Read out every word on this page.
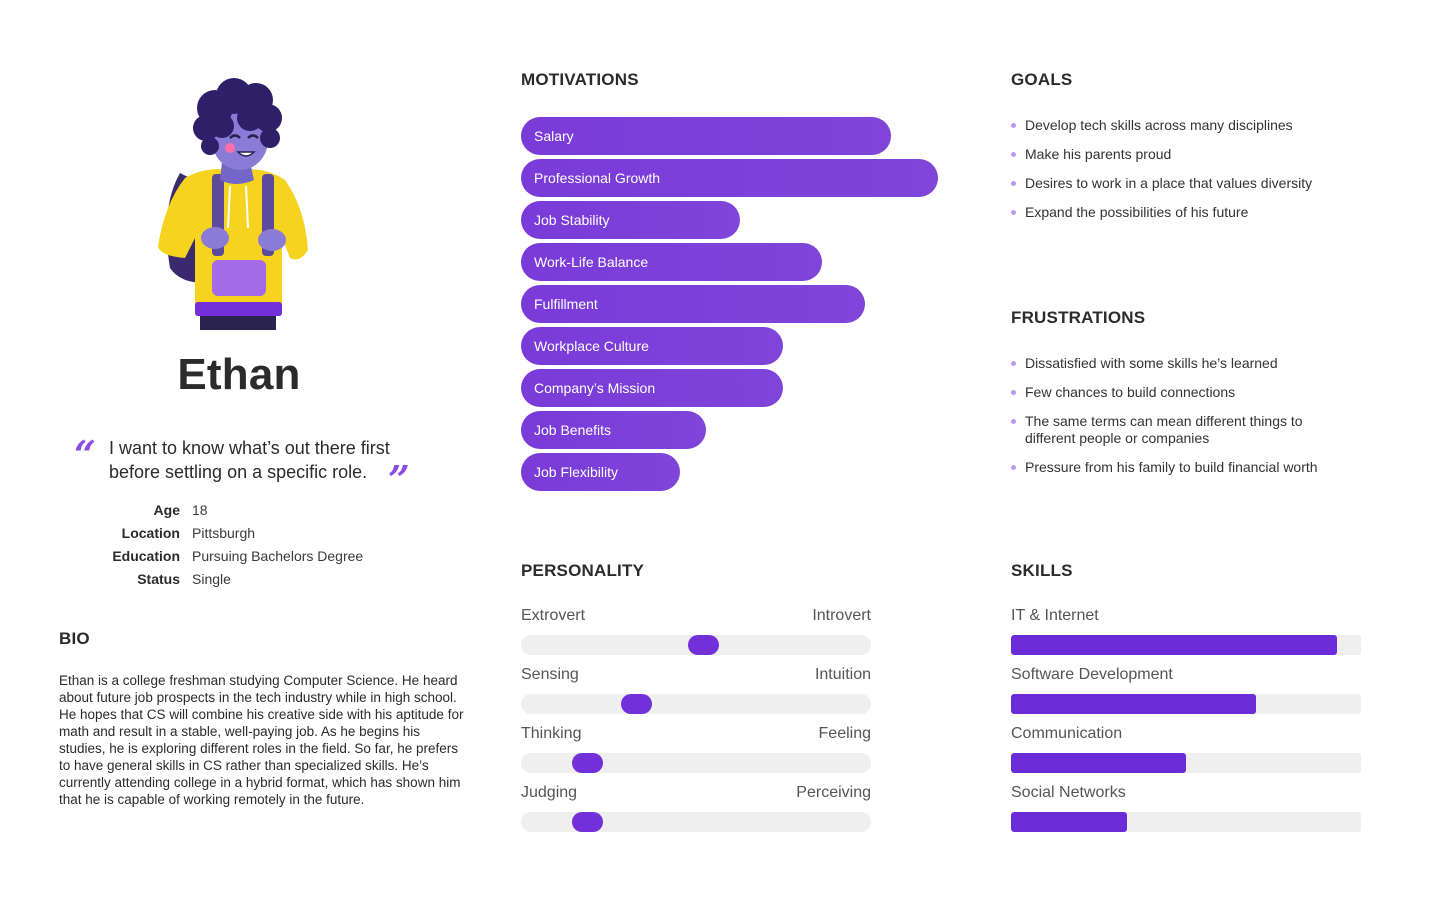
Ethan
“ I want to know what’s out there first before settling on a specific role. ”
Age 18
Location Pittsburgh
Education Pursuing Bachelors Degree
Status Single
BIO
Ethan is a college freshman studying Computer Science. He heard about future job prospects in the tech industry while in high school. He hopes that CS will combine his creative side with his aptitude for math and result in a stable, well-paying job. As he begins his studies, he is exploring different roles in the field. So far, he prefers to have general skills in CS rather than specialized skills. He’s currently attending college in a hybrid format, which has shown him that he is capable of working remotely in the future.
MOTIVATIONS
Salary
Professional Growth
Job Stability
Work-Life Balance
Fulfillment
Workplace Culture
Company’s Mission
Job Benefits
Job Flexibility
GOALS
Develop tech skills across many disciplines
Make his parents proud
Desires to work in a place that values diversity
Expand the possibilities of his future
FRUSTRATIONS
Dissatisfied with some skills he’s learned
Few chances to build connections
The same terms can mean different things to different people or companies
Pressure from his family to build financial worth
PERSONALITY
Extrovert	Introvert
Sensing	Intuition
Thinking	Feeling
Judging	Perceiving
SKILLS
IT & Internet
Software Development
Communication
Social Networks
